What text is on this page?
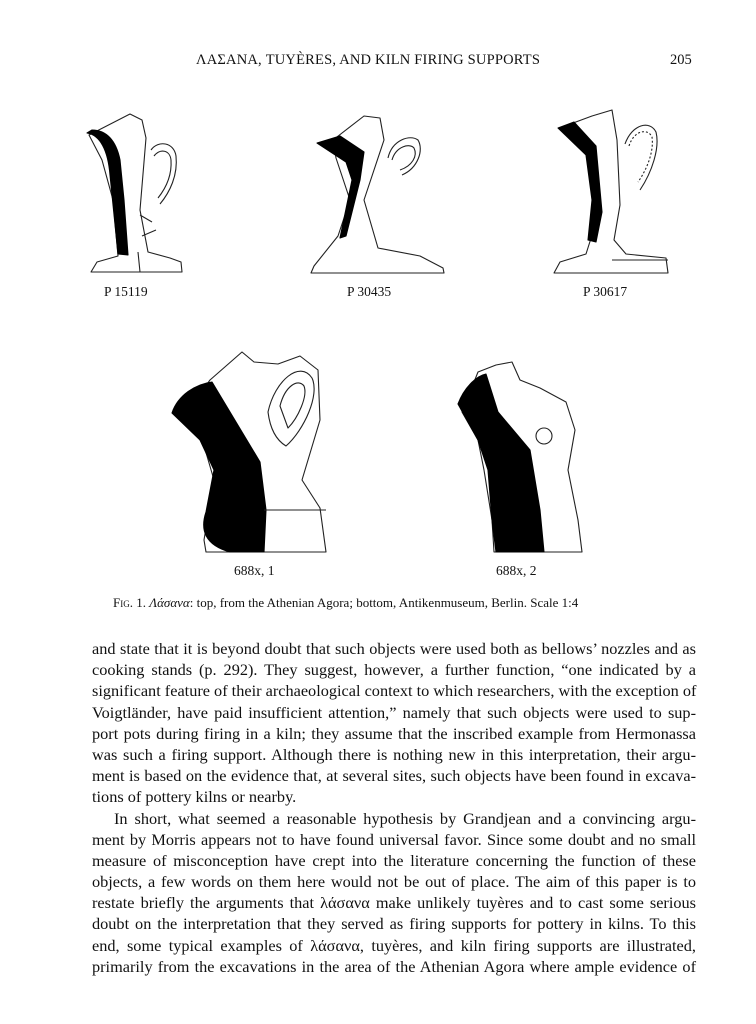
ΛΑΣΑΝΑ, TUYÈRES, AND KILN FIRING SUPPORTS	205
P 15119	P 30435	P 30617
688x, 1	688x, 2
Fig. 1. Λάσανα: top, from the Athenian Agora; bottom, Antikenmuseum, Berlin. Scale 1:4
and state that it is beyond doubt that such objects were used both as bellows’ nozzles and as
cooking stands (p. 292). They suggest, however, a further function, “one indicated by a
significant feature of their archaeological context to which researchers, with the exception of
Voigtländer, have paid insufficient attention,” namely that such objects were used to sup-
port pots during firing in a kiln; they assume that the inscribed example from Hermonassa
was such a firing support. Although there is nothing new in this interpretation, their argu-
ment is based on the evidence that, at several sites, such objects have been found in excava-
tions of pottery kilns or nearby.
In short, what seemed a reasonable hypothesis by Grandjean and a convincing argu-
ment by Morris appears not to have found universal favor. Since some doubt and no small
measure of misconception have crept into the literature concerning the function of these
objects, a few words on them here would not be out of place. The aim of this paper is to
restate briefly the arguments that λάσανα make unlikely tuyères and to cast some serious
doubt on the interpretation that they served as firing supports for pottery in kilns. To this
end, some typical examples of λάσανα, tuyères, and kiln firing supports are illustrated,
primarily from the excavations in the area of the Athenian Agora where ample evidence of
